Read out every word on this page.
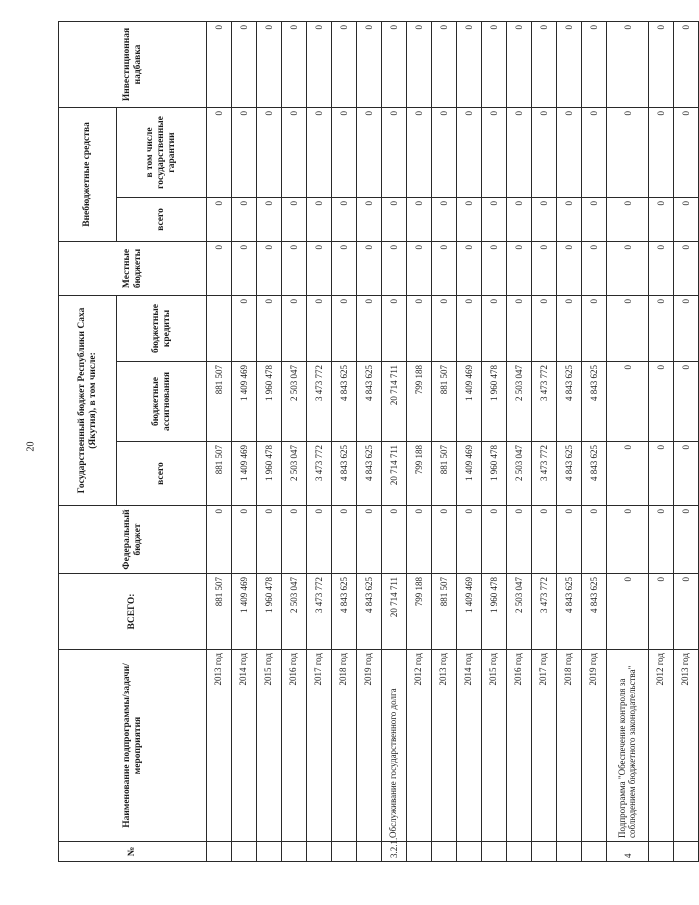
20
№	Наименование подпрограммы/задачи/мероприятия	ВСЕГО:	Федеральный бюджет	Государственный бюджет Республики Саха (Якутия), в том числе:			Местные бюджеты	Внебюджетные средства		Инвестиционная надбавка
				всего	бюджетные ассигнования	бюджетные кредиты		всего	в том числе государственные гарантии	
	2013 год	881 507	0	881 507	881 507		0	0	0	0
	2014 год	1 409 469	0	1 409 469	1 409 469	0	0	0	0	0
	2015 год	1 960 478	0	1 960 478	1 960 478	0	0	0	0	0
	2016 год	2 503 047	0	2 503 047	2 503 047	0	0	0	0	0
	2017 год	3 473 772	0	3 473 772	3 473 772	0	0	0	0	0
	2018 год	4 843 625	0	4 843 625	4 843 625	0	0	0	0	0
	2019 год	4 843 625	0	4 843 625	4 843 625	0	0	0	0	0
3.2.1.	Обслуживание государственного долга	20 714 711	0	20 714 711	20 714 711	0	0	0	0	0
	2012 год	799 188	0	799 188	799 188	0	0	0	0	0
	2013 год	881 507	0	881 507	881 507	0	0	0	0	0
	2014 год	1 409 469	0	1 409 469	1 409 469	0	0	0	0	0
	2015 год	1 960 478	0	1 960 478	1 960 478	0	0	0	0	0
	2016 год	2 503 047	0	2 503 047	2 503 047	0	0	0	0	0
	2017 год	3 473 772	0	3 473 772	3 473 772	0	0	0	0	0
	2018 год	4 843 625	0	4 843 625	4 843 625	0	0	0	0	0
	2019 год	4 843 625	0	4 843 625	4 843 625	0	0	0	0	0
4	Подпрограмма "Обеспечение контроля за соблюдением бюджетного законодательства"	0	0	0	0	0	0	0	0	0
	2012 год	0	0	0	0	0	0	0	0	0
	2013 год	0	0	0	0	0	0	0	0	0
